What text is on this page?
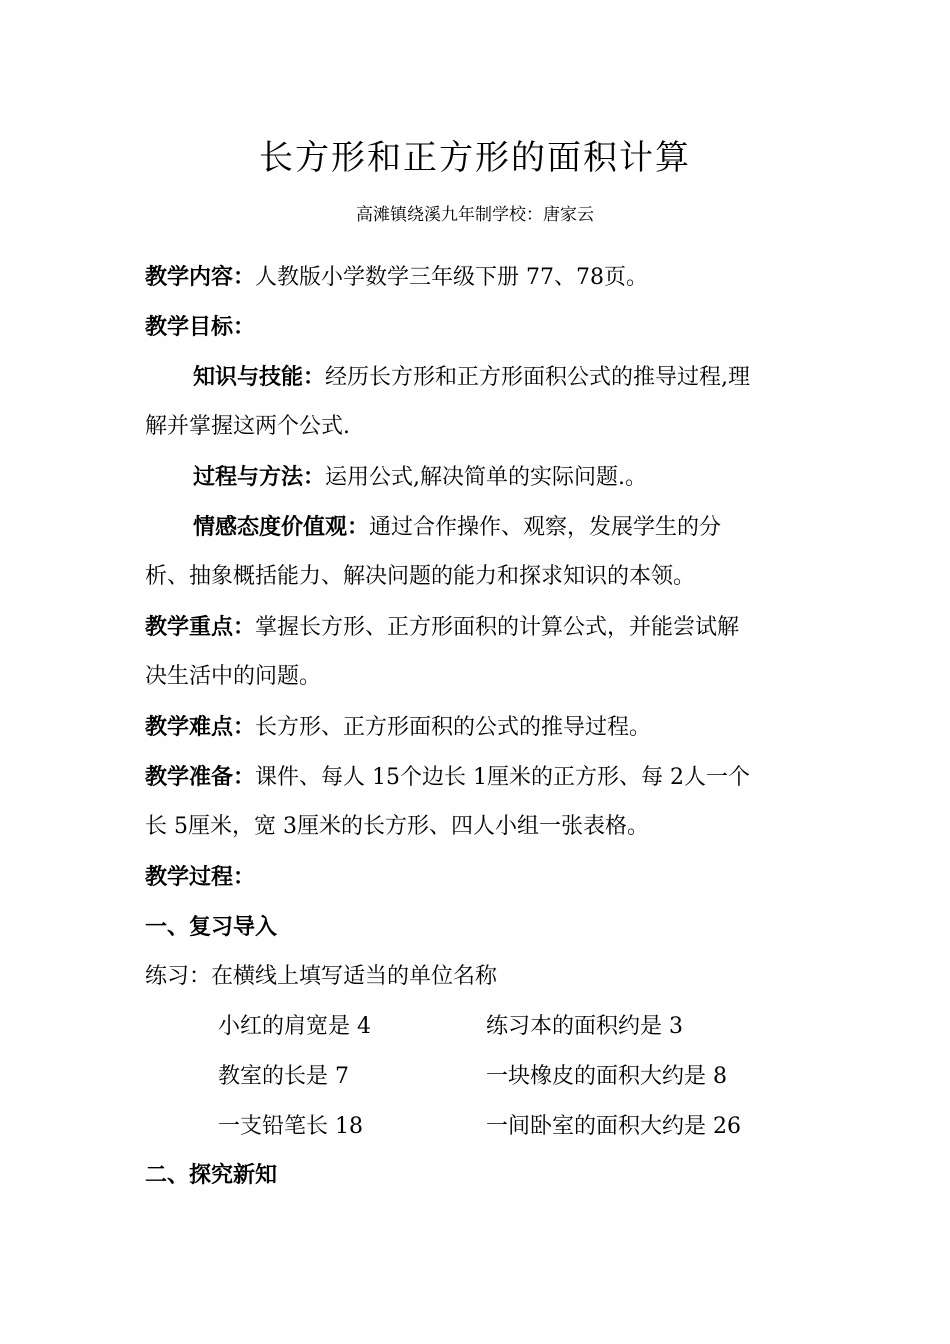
长方形和正方形的面积计算
高滩镇绕溪九年制学校：唐家云
教学内容：人教版小学数学三年级下册 77、78页。
教学目标：
知识与技能：经历长方形和正方形面积公式的推导过程,理
解并掌握这两个公式.
过程与方法：运用公式,解决简单的实际问题.。
情感态度价值观：通过合作操作、观察，发展学生的分
析、抽象概括能力、解决问题的能力和探求知识的本领。
教学重点：掌握长方形、正方形面积的计算公式，并能尝试解
决生活中的问题。
教学难点：长方形、正方形面积的公式的推导过程。
教学准备：课件、每人 15个边长 1厘米的正方形、每 2人一个
长 5厘米，宽 3厘米的长方形、四人小组一张表格。
教学过程：
一、复习导入
练习：在横线上填写适当的单位名称
小红的肩宽是 4	练习本的面积约是 3
教室的长是 7	一块橡皮的面积大约是 8
一支铅笔长 18	一间卧室的面积大约是 26
二、探究新知
